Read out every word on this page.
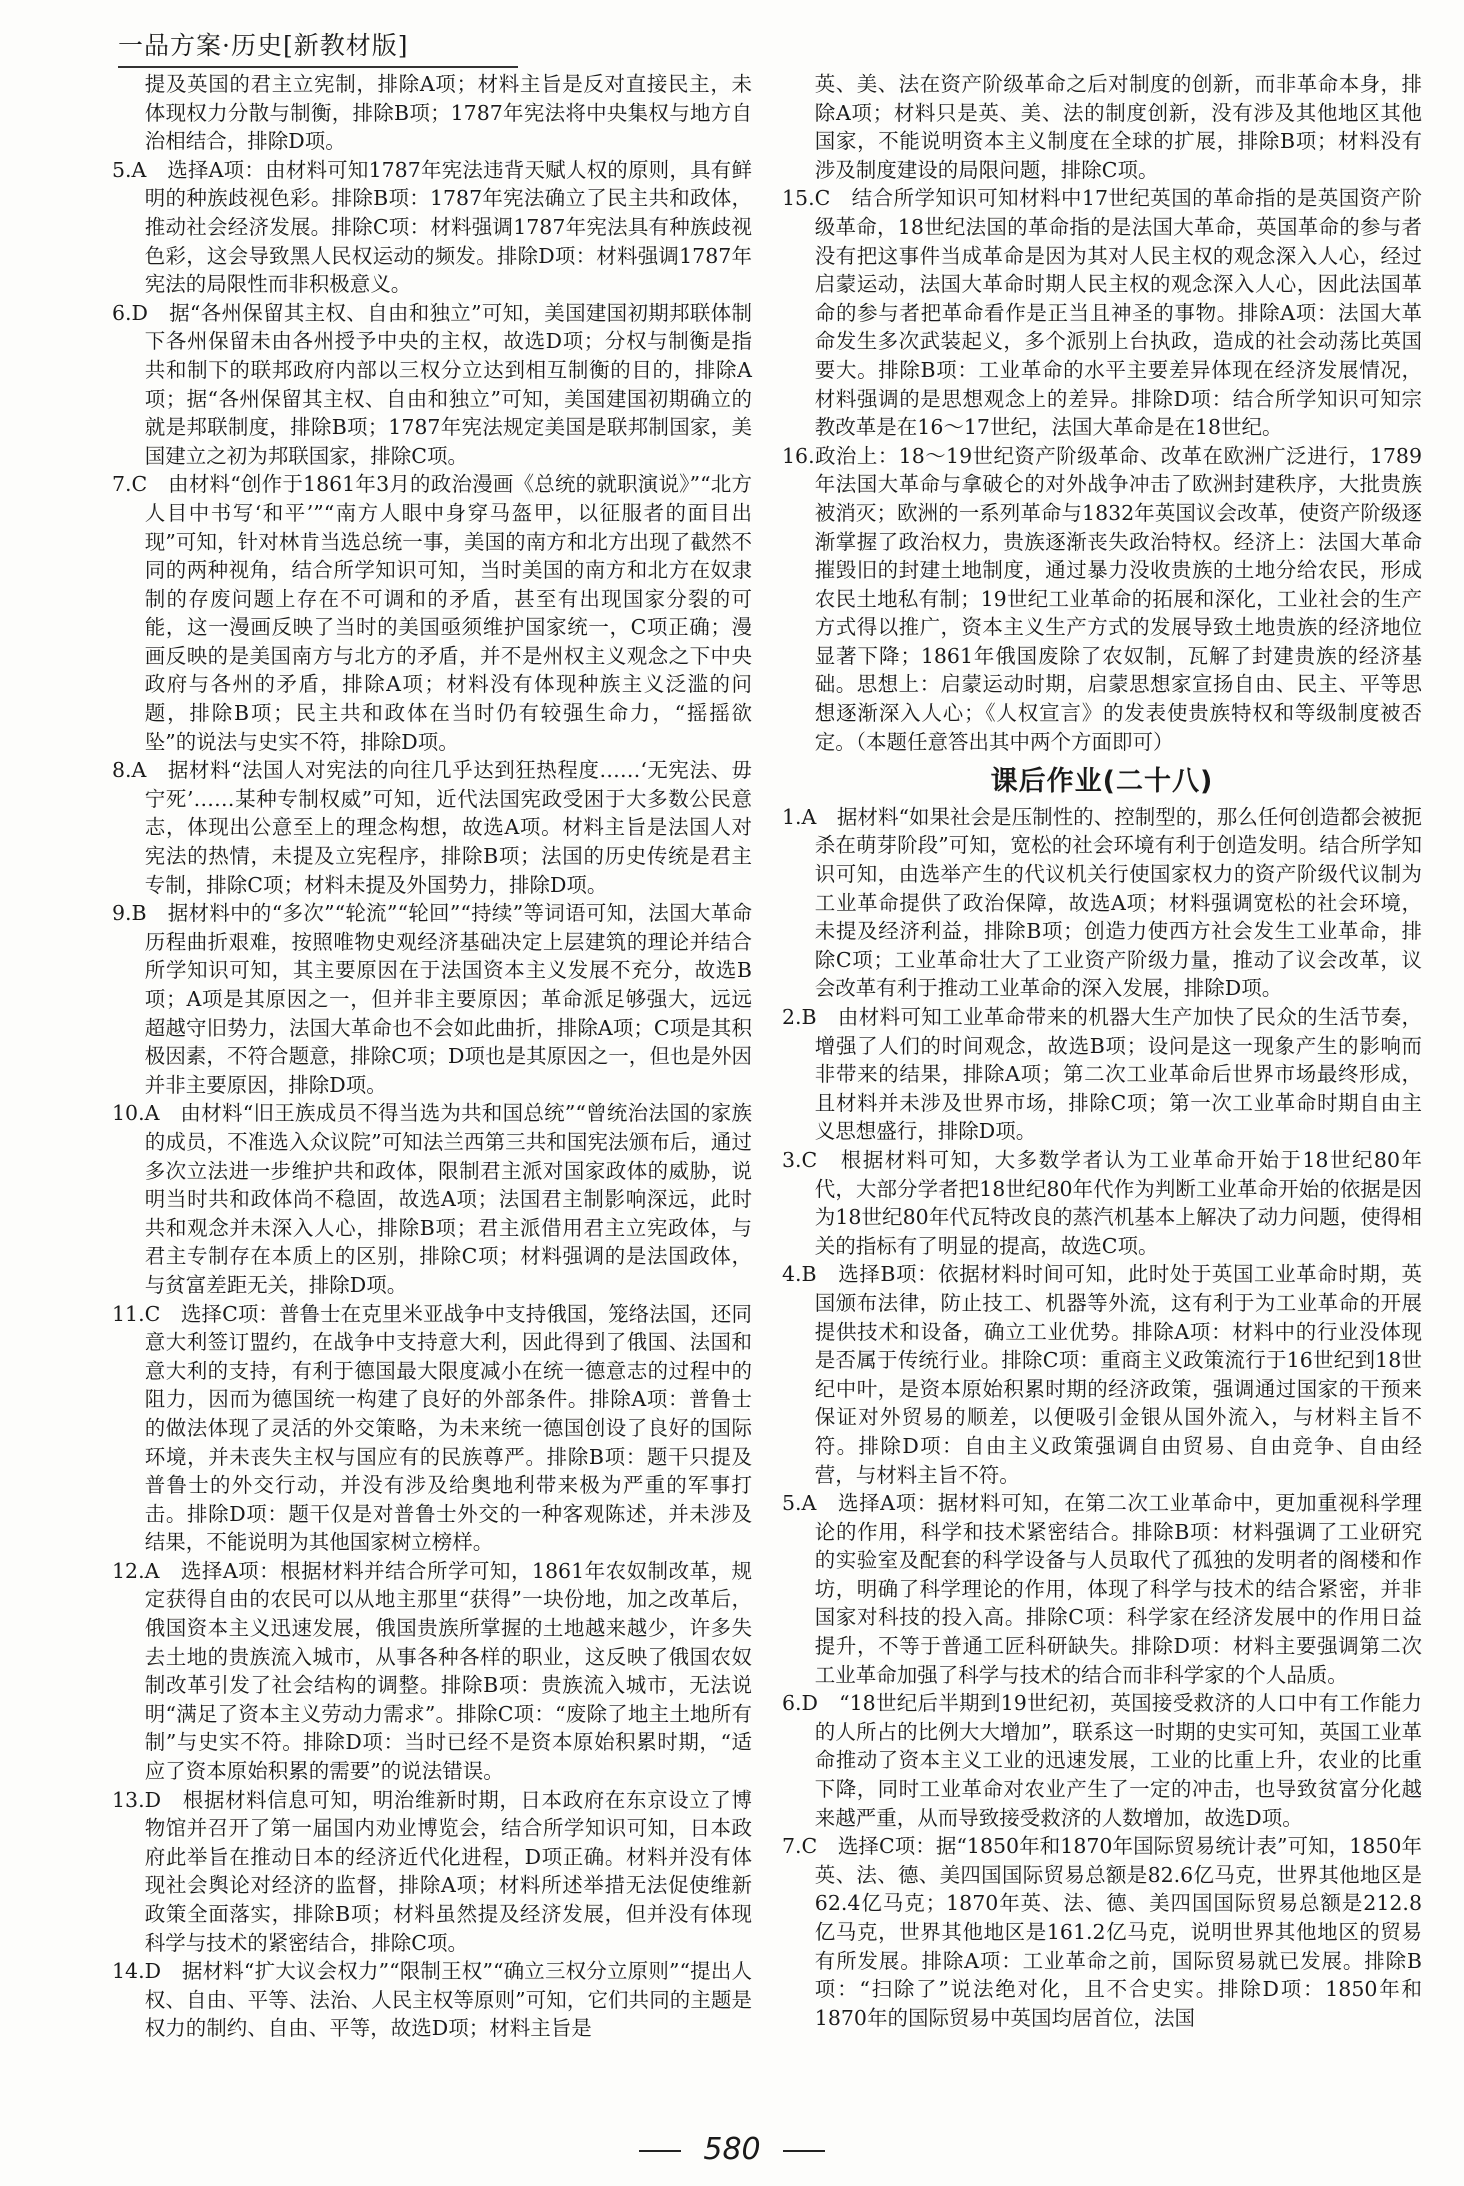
一品方案·历史[新教材版]

提及英国的君主立宪制，排除A项；材料主旨是反对直接民主，未体现权力分散与制衡，排除B项；1787年宪法将中央集权与地方自治相结合，排除D项。

5.A　选择A项：由材料可知1787年宪法违背天赋人权的原则，具有鲜明的种族歧视色彩。排除B项：1787年宪法确立了民主共和政体，推动社会经济发展。排除C项：材料强调1787年宪法具有种族歧视色彩，这会导致黑人民权运动的频发。排除D项：材料强调1787年宪法的局限性而非积极意义。

6.D　据“各州保留其主权、自由和独立”可知，美国建国初期邦联体制下各州保留未由各州授予中央的主权，故选D项；分权与制衡是指共和制下的联邦政府内部以三权分立达到相互制衡的目的，排除A项；据“各州保留其主权、自由和独立”可知，美国建国初期确立的就是邦联制度，排除B项；1787年宪法规定美国是联邦制国家，美国建立之初为邦联国家，排除C项。

7.C　由材料“创作于1861年3月的政治漫画《总统的就职演说》”“北方人目中书写‘和平’”“南方人眼中身穿马盔甲，以征服者的面目出现”可知，针对林肯当选总统一事，美国的南方和北方出现了截然不同的两种视角，结合所学知识可知，当时美国的南方和北方在奴隶制的存废问题上存在不可调和的矛盾，甚至有出现国家分裂的可能，这一漫画反映了当时的美国亟须维护国家统一，C项正确；漫画反映的是美国南方与北方的矛盾，并不是州权主义观念之下中央政府与各州的矛盾，排除A项；材料没有体现种族主义泛滥的问题，排除B项；民主共和政体在当时仍有较强生命力，“摇摇欲坠”的说法与史实不符，排除D项。

8.A　据材料“法国人对宪法的向往几乎达到狂热程度……‘无宪法、毋宁死’……某种专制权威”可知，近代法国宪政受困于大多数公民意志，体现出公意至上的理念构想，故选A项。材料主旨是法国人对宪法的热情，未提及立宪程序，排除B项；法国的历史传统是君主专制，排除C项；材料未提及外国势力，排除D项。

9.B　据材料中的“多次”“轮流”“轮回”“持续”等词语可知，法国大革命历程曲折艰难，按照唯物史观经济基础决定上层建筑的理论并结合所学知识可知，其主要原因在于法国资本主义发展不充分，故选B项；A项是其原因之一，但并非主要原因；革命派足够强大，远远超越守旧势力，法国大革命也不会如此曲折，排除A项；C项是其积极因素，不符合题意，排除C项；D项也是其原因之一，但也是外因并非主要原因，排除D项。

10.A　由材料“旧王族成员不得当选为共和国总统”“曾统治法国的家族的成员，不准选入众议院”可知法兰西第三共和国宪法颁布后，通过多次立法进一步维护共和政体，限制君主派对国家政体的威胁，说明当时共和政体尚不稳固，故选A项；法国君主制影响深远，此时共和观念并未深入人心，排除B项；君主派借用君主立宪政体，与君主专制存在本质上的区别，排除C项；材料强调的是法国政体，与贫富差距无关，排除D项。

11.C　选择C项：普鲁士在克里米亚战争中支持俄国，笼络法国，还同意大利签订盟约，在战争中支持意大利，因此得到了俄国、法国和意大利的支持，有利于德国最大限度减小在统一德意志的过程中的阻力，因而为德国统一构建了良好的外部条件。排除A项：普鲁士的做法体现了灵活的外交策略，为未来统一德国创设了良好的国际环境，并未丧失主权与国应有的民族尊严。排除B项：题干只提及普鲁士的外交行动，并没有涉及给奥地利带来极为严重的军事打击。排除D项：题干仅是对普鲁士外交的一种客观陈述，并未涉及结果，不能说明为其他国家树立榜样。

12.A　选择A项：根据材料并结合所学可知，1861年农奴制改革，规定获得自由的农民可以从地主那里“获得”一块份地，加之改革后，俄国资本主义迅速发展，俄国贵族所掌握的土地越来越少，许多失去土地的贵族流入城市，从事各种各样的职业，这反映了俄国农奴制改革引发了社会结构的调整。排除B项：贵族流入城市，无法说明“满足了资本主义劳动力需求”。排除C项：“废除了地主土地所有制”与史实不符。排除D项：当时已经不是资本原始积累时期，“适应了资本原始积累的需要”的说法错误。

13.D　根据材料信息可知，明治维新时期，日本政府在东京设立了博物馆并召开了第一届国内劝业博览会，结合所学知识可知，日本政府此举旨在推动日本的经济近代化进程，D项正确。材料并没有体现社会舆论对经济的监督，排除A项；材料所述举措无法促使维新政策全面落实，排除B项；材料虽然提及经济发展，但并没有体现科学与技术的紧密结合，排除C项。

14.D　据材料“扩大议会权力”“限制王权”“确立三权分立原则”“提出人权、自由、平等、法治、人民主权等原则”可知，它们共同的主题是权力的制约、自由、平等，故选D项；材料主旨是

英、美、法在资产阶级革命之后对制度的创新，而非革命本身，排除A项；材料只是英、美、法的制度创新，没有涉及其他地区其他国家，不能说明资本主义制度在全球的扩展，排除B项；材料没有涉及制度建设的局限问题，排除C项。

15.C　结合所学知识可知材料中17世纪英国的革命指的是英国资产阶级革命，18世纪法国的革命指的是法国大革命，英国革命的参与者没有把这事件当成革命是因为其对人民主权的观念深入人心，经过启蒙运动，法国大革命时期人民主权的观念深入人心，因此法国革命的参与者把革命看作是正当且神圣的事物。排除A项：法国大革命发生多次武装起义，多个派别上台执政，造成的社会动荡比英国要大。排除B项：工业革命的水平主要差异体现在经济发展情况，材料强调的是思想观念上的差异。排除D项：结合所学知识可知宗教改革是在16～17世纪，法国大革命是在18世纪。

16.政治上：18～19世纪资产阶级革命、改革在欧洲广泛进行，1789年法国大革命与拿破仑的对外战争冲击了欧洲封建秩序，大批贵族被消灭；欧洲的一系列革命与1832年英国议会改革，使资产阶级逐渐掌握了政治权力，贵族逐渐丧失政治特权。经济上：法国大革命摧毁旧的封建土地制度，通过暴力没收贵族的土地分给农民，形成农民土地私有制；19世纪工业革命的拓展和深化，工业社会的生产方式得以推广，资本主义生产方式的发展导致土地贵族的经济地位显著下降；1861年俄国废除了农奴制，瓦解了封建贵族的经济基础。思想上：启蒙运动时期，启蒙思想家宣扬自由、民主、平等思想逐渐深入人心；《人权宣言》的发表使贵族特权和等级制度被否定。（本题任意答出其中两个方面即可）

课后作业(二十八)

1.A　据材料“如果社会是压制性的、控制型的，那么任何创造都会被扼杀在萌芽阶段”可知，宽松的社会环境有利于创造发明。结合所学知识可知，由选举产生的代议机关行使国家权力的资产阶级代议制为工业革命提供了政治保障，故选A项；材料强调宽松的社会环境，未提及经济利益，排除B项；创造力使西方社会发生工业革命，排除C项；工业革命壮大了工业资产阶级力量，推动了议会改革，议会改革有利于推动工业革命的深入发展，排除D项。

2.B　由材料可知工业革命带来的机器大生产加快了民众的生活节奏，增强了人们的时间观念，故选B项；设问是这一现象产生的影响而非带来的结果，排除A项；第二次工业革命后世界市场最终形成，且材料并未涉及世界市场，排除C项；第一次工业革命时期自由主义思想盛行，排除D项。

3.C　根据材料可知，大多数学者认为工业革命开始于18世纪80年代，大部分学者把18世纪80年代作为判断工业革命开始的依据是因为18世纪80年代瓦特改良的蒸汽机基本上解决了动力问题，使得相关的指标有了明显的提高，故选C项。

4.B　选择B项：依据材料时间可知，此时处于英国工业革命时期，英国颁布法律，防止技工、机器等外流，这有利于为工业革命的开展提供技术和设备，确立工业优势。排除A项：材料中的行业没体现是否属于传统行业。排除C项：重商主义政策流行于16世纪到18世纪中叶，是资本原始积累时期的经济政策，强调通过国家的干预来保证对外贸易的顺差，以便吸引金银从国外流入，与材料主旨不符。排除D项：自由主义政策强调自由贸易、自由竞争、自由经营，与材料主旨不符。

5.A　选择A项：据材料可知，在第二次工业革命中，更加重视科学理论的作用，科学和技术紧密结合。排除B项：材料强调了工业研究的实验室及配套的科学设备与人员取代了孤独的发明者的阁楼和作坊，明确了科学理论的作用，体现了科学与技术的结合紧密，并非国家对科技的投入高。排除C项：科学家在经济发展中的作用日益提升，不等于普通工匠科研缺失。排除D项：材料主要强调第二次工业革命加强了科学与技术的结合而非科学家的个人品质。

6.D　“18世纪后半期到19世纪初，英国接受救济的人口中有工作能力的人所占的比例大大增加”，联系这一时期的史实可知，英国工业革命推动了资本主义工业的迅速发展，工业的比重上升，农业的比重下降，同时工业革命对农业产生了一定的冲击，也导致贫富分化越来越严重，从而导致接受救济的人数增加，故选D项。

7.C　选择C项：据“1850年和1870年国际贸易统计表”可知，1850年英、法、德、美四国国际贸易总额是82.6亿马克，世界其他地区是62.4亿马克；1870年英、法、德、美四国国际贸易总额是212.8亿马克，世界其他地区是161.2亿马克，说明世界其他地区的贸易有所发展。排除A项：工业革命之前，国际贸易就已发展。排除B项：“扫除了”说法绝对化，且不合史实。排除D项：1850年和1870年的国际贸易中英国均居首位，法国

580
